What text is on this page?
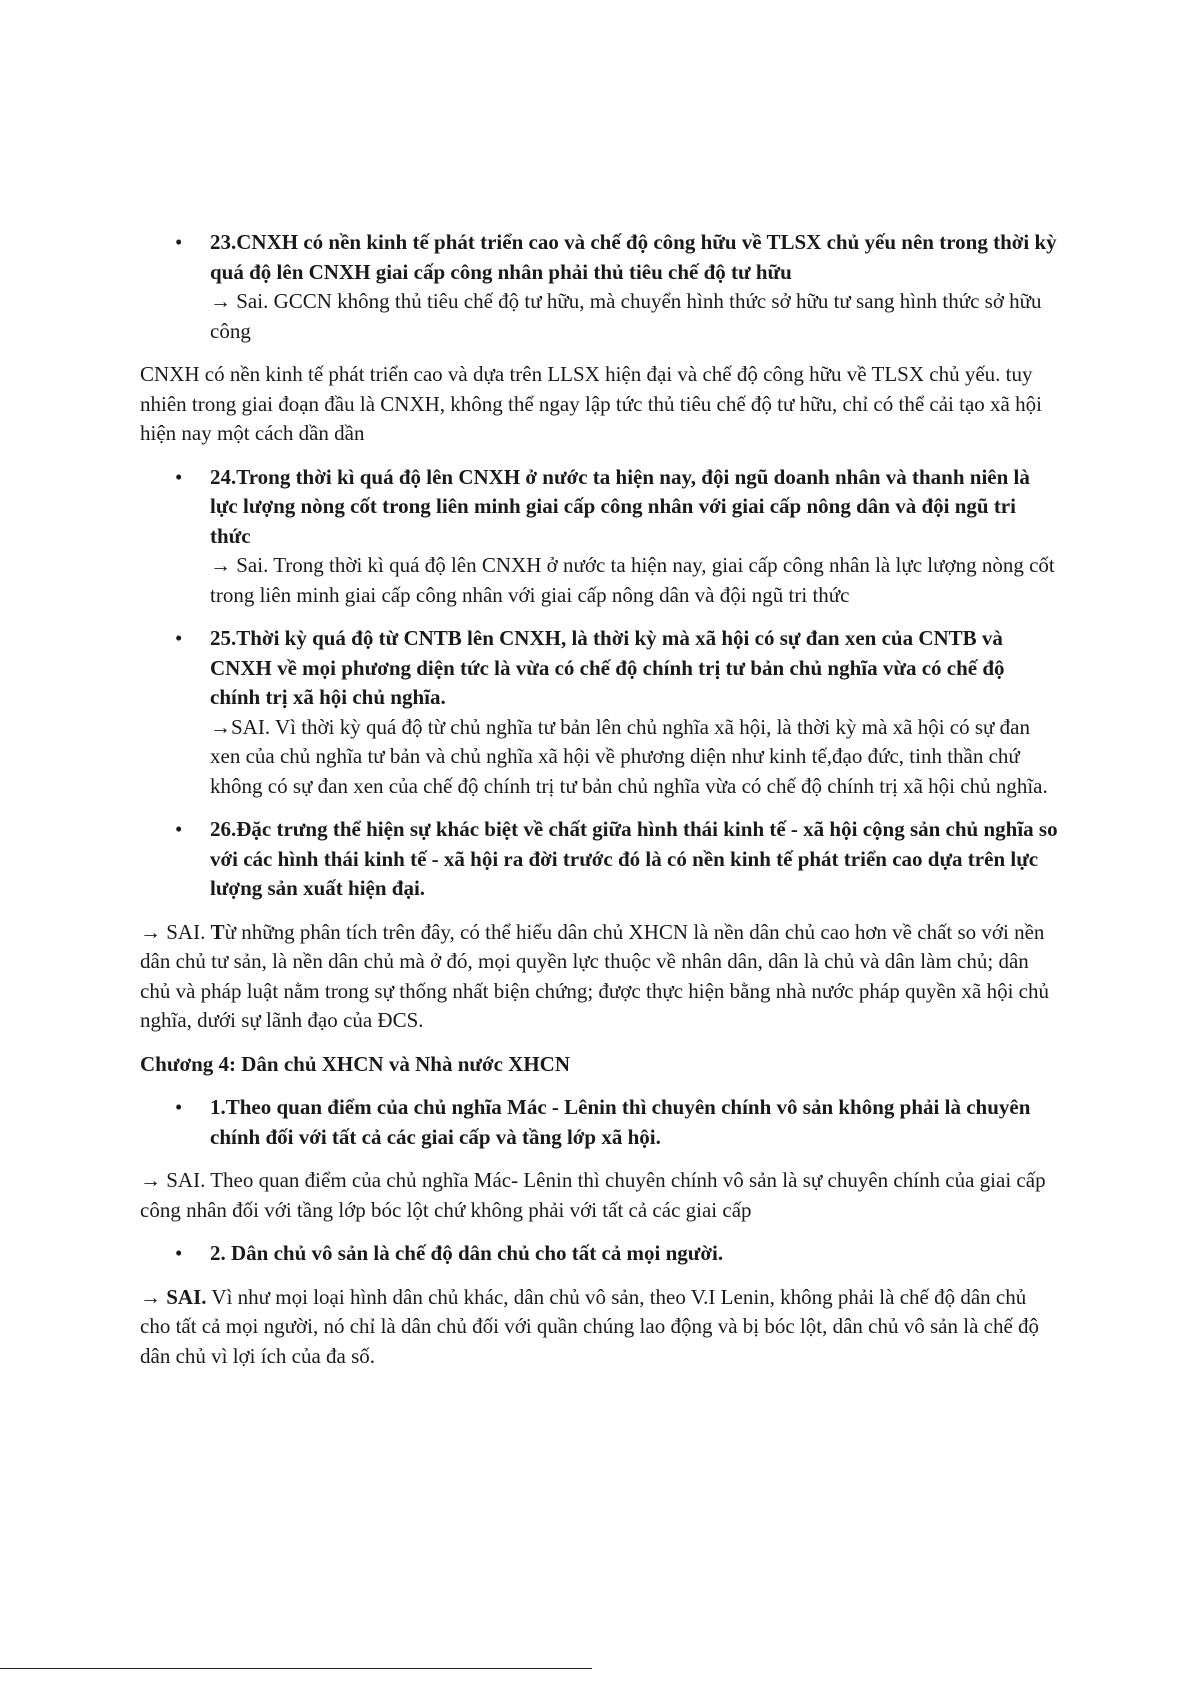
• 23.CNXH có nền kinh tế phát triển cao và chế độ công hữu về TLSX chủ yếu nên trong thời kỳ quá độ lên CNXH giai cấp công nhân phải thủ tiêu chế độ tư hữu
→ Sai. GCCN không thủ tiêu chế độ tư hữu, mà chuyển hình thức sở hữu tư sang hình thức sở hữu công

CNXH có nền kinh tế phát triển cao và dựa trên LLSX hiện đại và chế độ công hữu về TLSX chủ yếu. tuy nhiên trong giai đoạn đầu là CNXH, không thể ngay lập tức thủ tiêu chế độ tư hữu, chỉ có thể cải tạo xã hội hiện nay một cách dần dần

• 24.Trong thời kì quá độ lên CNXH ở nước ta hiện nay, đội ngũ doanh nhân và thanh niên là lực lượng nòng cốt trong liên minh giai cấp công nhân với giai cấp nông dân và đội ngũ tri thức
→ Sai. Trong thời kì quá độ lên CNXH ở nước ta hiện nay, giai cấp công nhân là lực lượng nòng cốt trong liên minh giai cấp công nhân với giai cấp nông dân và đội ngũ tri thức
• 25.Thời kỳ quá độ từ CNTB lên CNXH, là thời kỳ mà xã hội có sự đan xen của CNTB và CNXH về mọi phương diện tức là vừa có chế độ chính trị tư bản chủ nghĩa vừa có chế độ chính trị xã hội chủ nghĩa.
→SAI. Vì thời kỳ quá độ từ chủ nghĩa tư bản lên chủ nghĩa xã hội, là thời kỳ mà xã hội có sự đan xen của chủ nghĩa tư bản và chủ nghĩa xã hội về phương diện như kinh tế,đạo đức, tinh thần chứ không có sự đan xen của chế độ chính trị tư bản chủ nghĩa vừa có chế độ chính trị xã hội chủ nghĩa.
• 26.Đặc trưng thể hiện sự khác biệt về chất giữa hình thái kinh tế - xã hội cộng sản chủ nghĩa so với các hình thái kinh tế - xã hội ra đời trước đó là có nền kinh tế phát triển cao dựa trên lực lượng sản xuất hiện đại.

→ SAI. Từ những phân tích trên đây, có thể hiểu dân chủ XHCN là nền dân chủ cao hơn về chất so với nền dân chủ tư sản, là nền dân chủ mà ở đó, mọi quyền lực thuộc về nhân dân, dân là chủ và dân làm chủ; dân chủ và pháp luật nằm trong sự thống nhất biện chứng; được thực hiện bằng nhà nước pháp quyền xã hội chủ nghĩa, dưới sự lãnh đạo của ĐCS.

Chương 4: Dân chủ XHCN và Nhà nước XHCN

• 1.Theo quan điểm của chủ nghĩa Mác - Lênin thì chuyên chính vô sản không phải là chuyên chính đối với tất cả các giai cấp và tầng lớp xã hội.

→ SAI. Theo quan điểm của chủ nghĩa Mác- Lênin thì chuyên chính vô sản là sự chuyên chính của giai cấp công nhân đối với tầng lớp bóc lột chứ không phải với tất cả các giai cấp

• 2. Dân chủ vô sản là chế độ dân chủ cho tất cả mọi người.

→ SAI. Vì như mọi loại hình dân chủ khác, dân chủ vô sản, theo V.I Lenin, không phải là chế độ dân chủ cho tất cả mọi người, nó chỉ là dân chủ đối với quần chúng lao động và bị bóc lột, dân chủ vô sản là chế độ dân chủ vì lợi ích của đa số.
